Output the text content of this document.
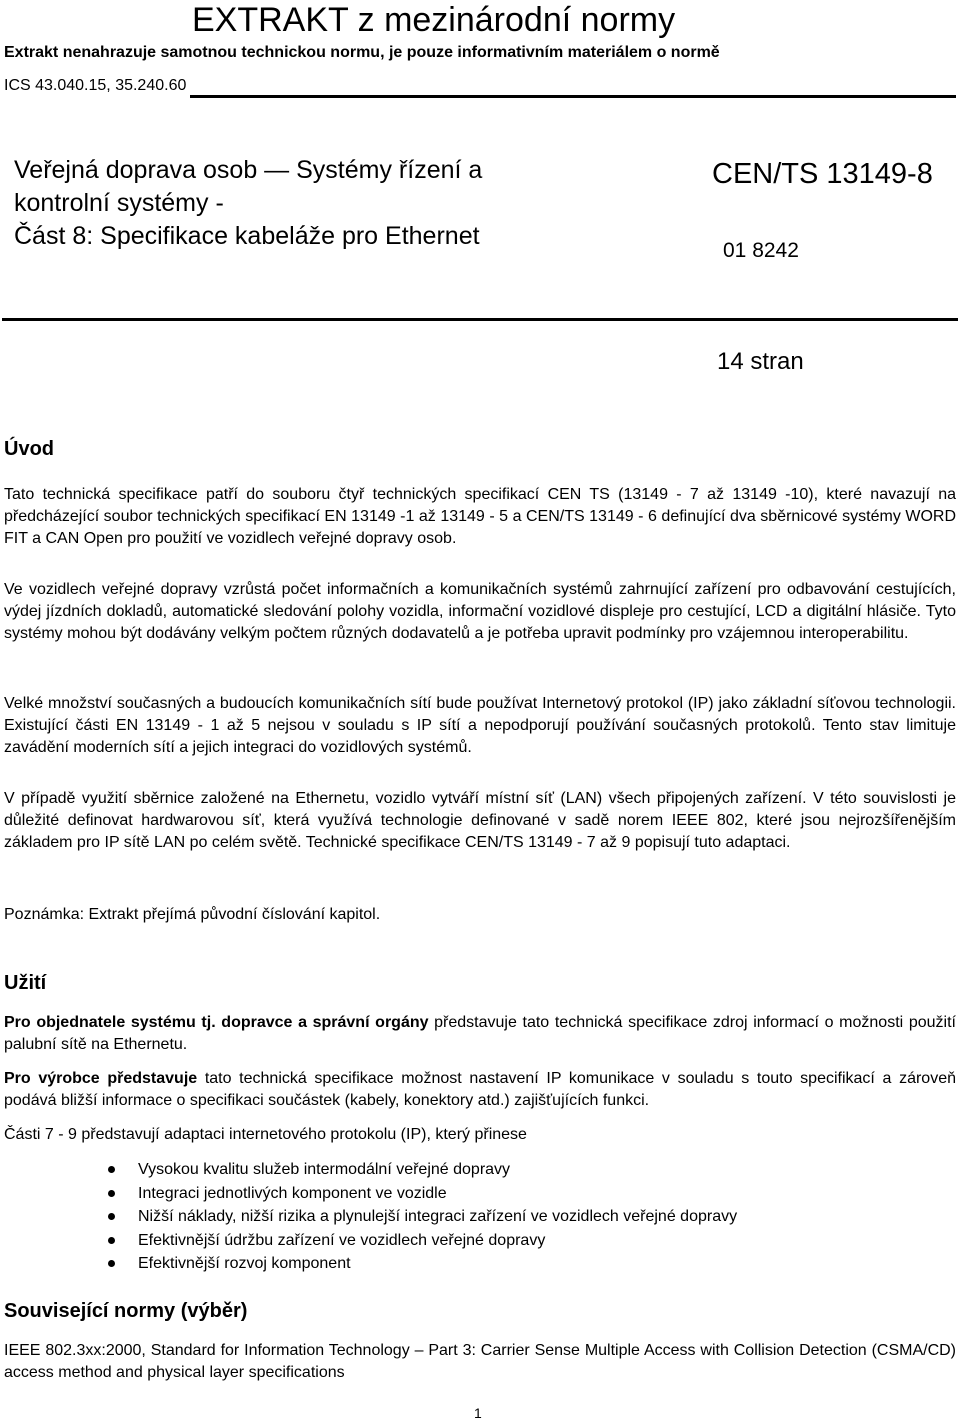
EXTRAKT z mezinárodní normy
Extrakt nenahrazuje samotnou technickou normu, je pouze informativním materiálem o normě
ICS 43.040.15, 35.240.60
Veřejná doprava osob — Systémy řízení a
kontrolní systémy -
Část 8: Specifikace kabeláže pro Ethernet
CEN/TS 13149-8
01 8242
14 stran
Úvod
Tato technická specifikace patří do souboru čtyř technických specifikací CEN TS (13149 - 7 až 13149 -10), které navazují na předcházející soubor technických specifikací EN 13149 -1 až 13149 - 5 a CEN/TS 13149 - 6 definující dva sběrnicové systémy WORD FIT a CAN Open pro použití ve vozidlech veřejné dopravy osob.
Ve vozidlech veřejné dopravy vzrůstá počet informačních a komunikačních systémů zahrnující zařízení pro odbavování cestujících, výdej jízdních dokladů, automatické sledování polohy vozidla, informační vozidlové displeje pro cestující, LCD a digitální hlásiče. Tyto systémy mohou být dodávány velkým počtem různých dodavatelů a je potřeba upravit podmínky pro vzájemnou interoperabilitu.
Velké množství současných a budoucích komunikačních sítí bude používat Internetový protokol (IP) jako základní síťovou technologii. Existující části EN 13149 - 1 až 5 nejsou v souladu s IP sítí a nepodporují používání současných protokolů. Tento stav limituje zavádění moderních sítí a jejich integraci do vozidlových systémů.
V případě využití sběrnice založené na Ethernetu, vozidlo vytváří místní síť (LAN) všech připojených zařízení. V této souvislosti je důležité definovat hardwarovou síť, která využívá technologie definované v sadě norem IEEE 802, které jsou nejrozšířenějším základem pro IP sítě LAN po celém světě. Technické specifikace CEN/TS 13149 - 7 až 9 popisují tuto adaptaci.
Poznámka: Extrakt přejímá původní číslování kapitol.
Užití
Pro objednatele systému tj. dopravce a správní orgány představuje tato technická specifikace zdroj informací o možnosti použití palubní sítě na Ethernetu.
Pro výrobce představuje tato technická specifikace možnost nastavení IP komunikace v souladu s touto specifikací a zároveň podává bližší informace o specifikaci součástek (kabely, konektory atd.) zajišťujících funkci.
Části 7 - 9 představují adaptaci internetového protokolu (IP), který přinese
Vysokou kvalitu služeb intermodální veřejné dopravy
Integraci jednotlivých komponent ve vozidle
Nižší náklady, nižší rizika a plynulejší integraci zařízení ve vozidlech veřejné dopravy
Efektivnější údržbu zařízení ve vozidlech veřejné dopravy
Efektivnější rozvoj komponent
Související normy (výběr)
IEEE 802.3xx:2000, Standard for Information Technology – Part 3: Carrier Sense Multiple Access with Collision Detection (CSMA/CD) access method and physical layer specifications
1
